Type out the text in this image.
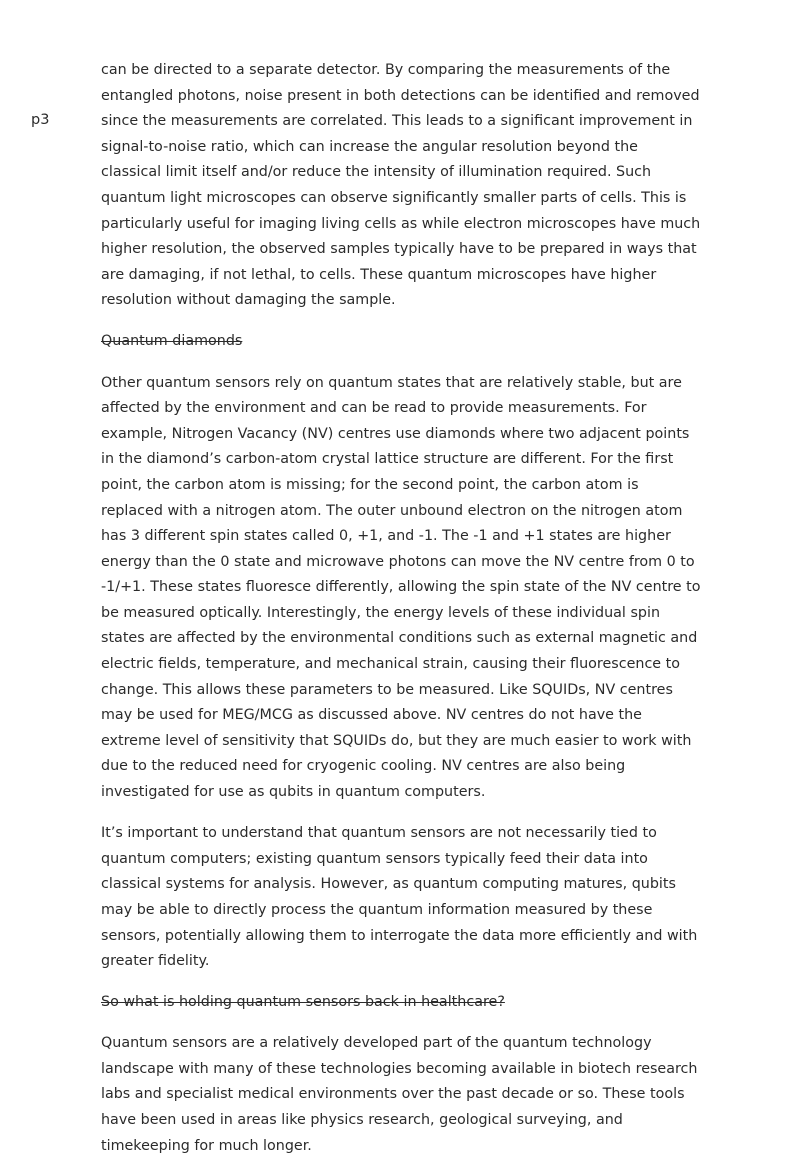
p3

can be directed to a separate detector. By comparing the measurements of the entangled photons, noise present in both detections can be identified and removed since the measurements are correlated. This leads to a significant improvement in signal-to-noise ratio, which can increase the angular resolution beyond the classical limit itself and/or reduce the intensity of illumination required. Such quantum light microscopes can observe significantly smaller parts of cells. This is particularly useful for imaging living cells as while electron microscopes have much higher resolution, the observed samples typically have to be prepared in ways that are damaging, if not lethal, to cells. These quantum microscopes have higher resolution without damaging the sample.

Quantum diamonds

Other quantum sensors rely on quantum states that are relatively stable, but are affected by the environment and can be read to provide measurements. For example, Nitrogen Vacancy (NV) centres use diamonds where two adjacent points in the diamond’s carbon-atom crystal lattice structure are different. For the first point, the carbon atom is missing; for the second point, the carbon atom is replaced with a nitrogen atom. The outer unbound electron on the nitrogen atom has 3 different spin states called 0, +1, and -1. The -1 and +1 states are higher energy than the 0 state and microwave photons can move the NV centre from 0 to -1/+1. These states fluoresce differently, allowing the spin state of the NV centre to be measured optically. Interestingly, the energy levels of these individual spin states are affected by the environmental conditions such as external magnetic and electric fields, temperature, and mechanical strain, causing their fluorescence to change. This allows these parameters to be measured. Like SQUIDs, NV centres may be used for MEG/MCG as discussed above. NV centres do not have the extreme level of sensitivity that SQUIDs do, but they are much easier to work with due to the reduced need for cryogenic cooling. NV centres are also being investigated for use as qubits in quantum computers.

It’s important to understand that quantum sensors are not necessarily tied to quantum computers; existing quantum sensors typically feed their data into classical systems for analysis. However, as quantum computing matures, qubits may be able to directly process the quantum information measured by these sensors, potentially allowing them to interrogate the data more efficiently and with greater fidelity.

So what is holding quantum sensors back in healthcare?

Quantum sensors are a relatively developed part of the quantum technology landscape with many of these technologies becoming available in biotech research labs and specialist medical environments over the past decade or so. These tools have been used in areas like physics research, geological surveying, and timekeeping for much longer.
